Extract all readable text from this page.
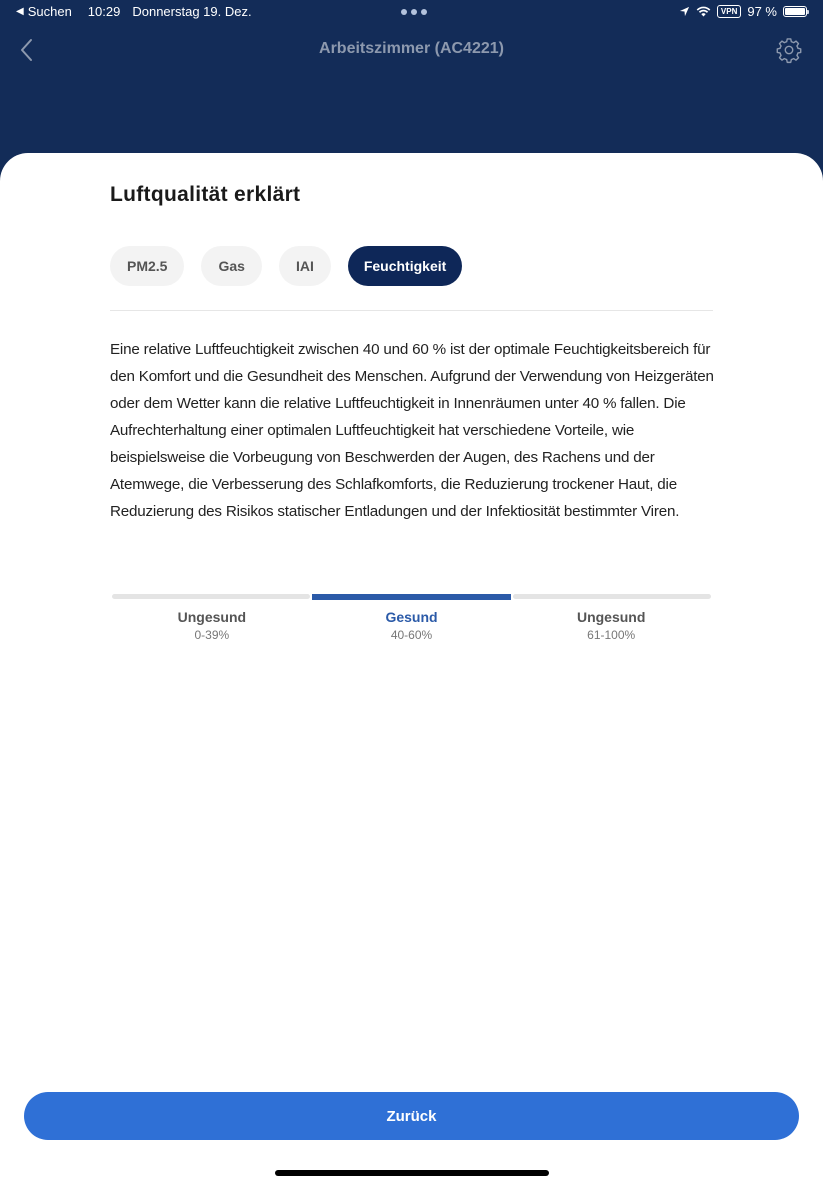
◀ Suchen 10:29 Donnerstag 19. Dez.	VPN 97 %
Arbeitszimmer (AC4221)
Luftqualität erklärt
PM2.5	Gas	IAI	Feuchtigkeit

Eine relative Luftfeuchtigkeit zwischen 40 und 60 % ist der optimale Feuchtigkeitsbereich für den Komfort und die Gesundheit des Menschen. Aufgrund der Verwendung von Heizgeräten oder dem Wetter kann die relative Luftfeuchtigkeit in Innenräumen unter 40 % fallen. Die Aufrechterhaltung einer optimalen Luftfeuchtigkeit hat verschiedene Vorteile, wie beispielsweise die Vorbeugung von Beschwerden der Augen, des Rachens und der Atemwege, die Verbesserung des Schlafkomforts, die Reduzierung trockener Haut, die Reduzierung des Risikos statischer Entladungen und der Infektiosität bestimmter Viren.

Ungesund
0-39%
Gesund
40-60%
Ungesund
61-100%
Zurück
